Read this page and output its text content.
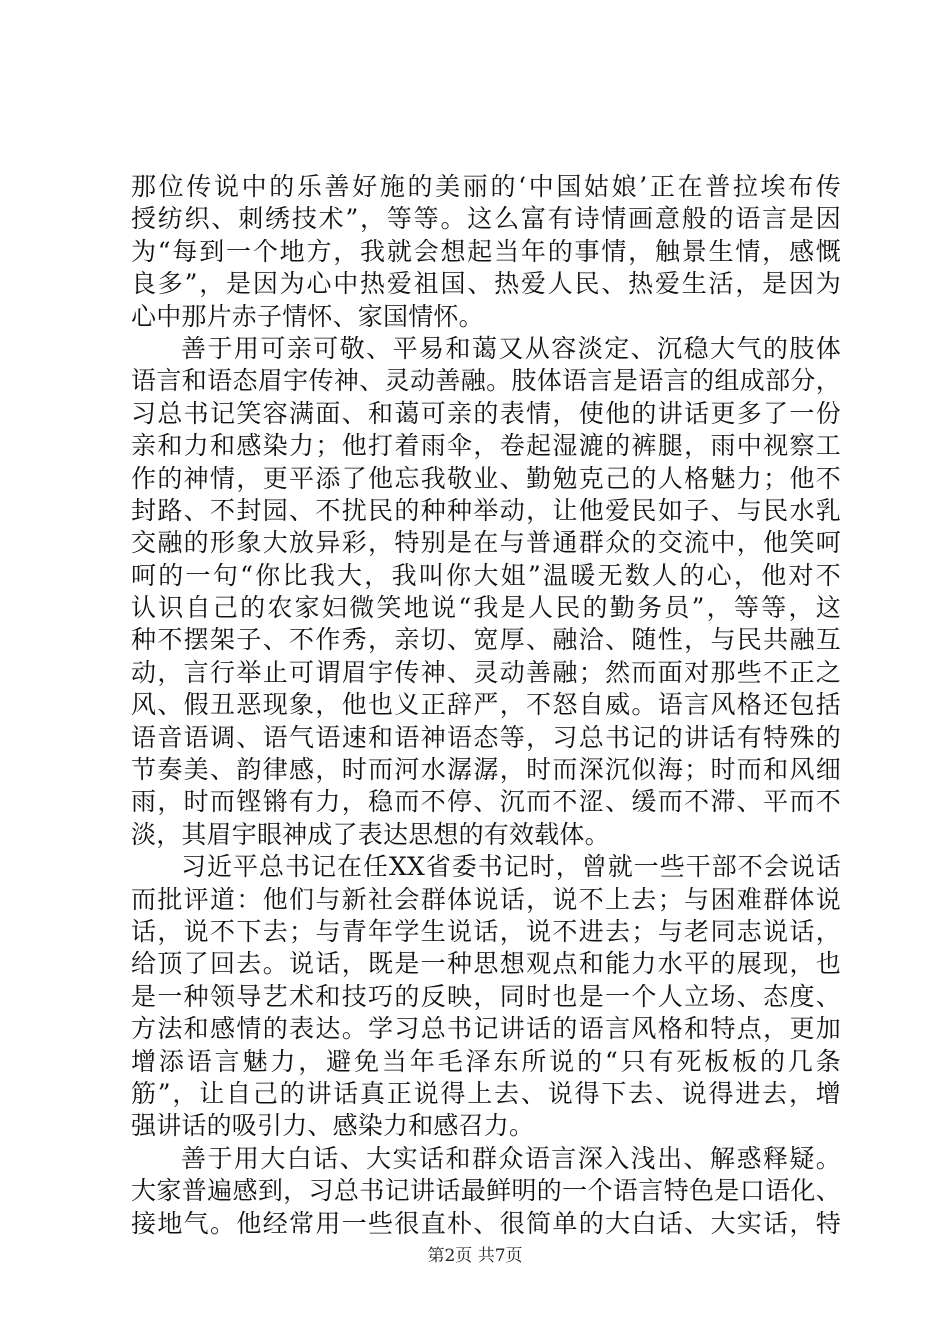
那位传说中的乐善好施的美丽的‘中国姑娘’正在普拉埃布传
授纺织、刺绣技术”，等等。这么富有诗情画意般的语言是因
为“每到一个地方，我就会想起当年的事情，触景生情，感慨
良多”，是因为心中热爱祖国、热爱人民、热爱生活，是因为
心中那片赤子情怀、家国情怀。
善于用可亲可敬、平易和蔼又从容淡定、沉稳大气的肢体
语言和语态眉宇传神、灵动善融。肢体语言是语言的组成部分，
习总书记笑容满面、和蔼可亲的表情，使他的讲话更多了一份
亲和力和感染力；他打着雨伞，卷起湿漉的裤腿，雨中视察工
作的神情，更平添了他忘我敬业、勤勉克己的人格魅力；他不
封路、不封园、不扰民的种种举动，让他爱民如子、与民水乳
交融的形象大放异彩，特别是在与普通群众的交流中，他笑呵
呵的一句“你比我大，我叫你大姐”温暖无数人的心，他对不
认识自己的农家妇微笑地说“我是人民的勤务员”，等等，这
种不摆架子、不作秀，亲切、宽厚、融洽、随性，与民共融互
动，言行举止可谓眉宇传神、灵动善融；然而面对那些不正之
风、假丑恶现象，他也义正辞严，不怒自威。语言风格还包括
语音语调、语气语速和语神语态等，习总书记的讲话有特殊的
节奏美、韵律感，时而河水潺潺，时而深沉似海；时而和风细
雨，时而铿锵有力，稳而不停、沉而不涩、缓而不滞、平而不
淡，其眉宇眼神成了表达思想的有效载体。
习近平总书记在任XX省委书记时，曾就一些干部不会说话
而批评道：他们与新社会群体说话，说不上去；与困难群体说
话，说不下去；与青年学生说话，说不进去；与老同志说话，
给顶了回去。说话，既是一种思想观点和能力水平的展现，也
是一种领导艺术和技巧的反映，同时也是一个人立场、态度、
方法和感情的表达。学习总书记讲话的语言风格和特点，更加
增添语言魅力，避免当年毛泽东所说的“只有死板板的几条
筋”，让自己的讲话真正说得上去、说得下去、说得进去，增
强讲话的吸引力、感染力和感召力。
善于用大白话、大实话和群众语言深入浅出、解惑释疑。
大家普遍感到，习总书记讲话最鲜明的一个语言特色是口语化、
接地气。他经常用一些很直朴、很简单的大白话、大实话，特
第2页 共7页
